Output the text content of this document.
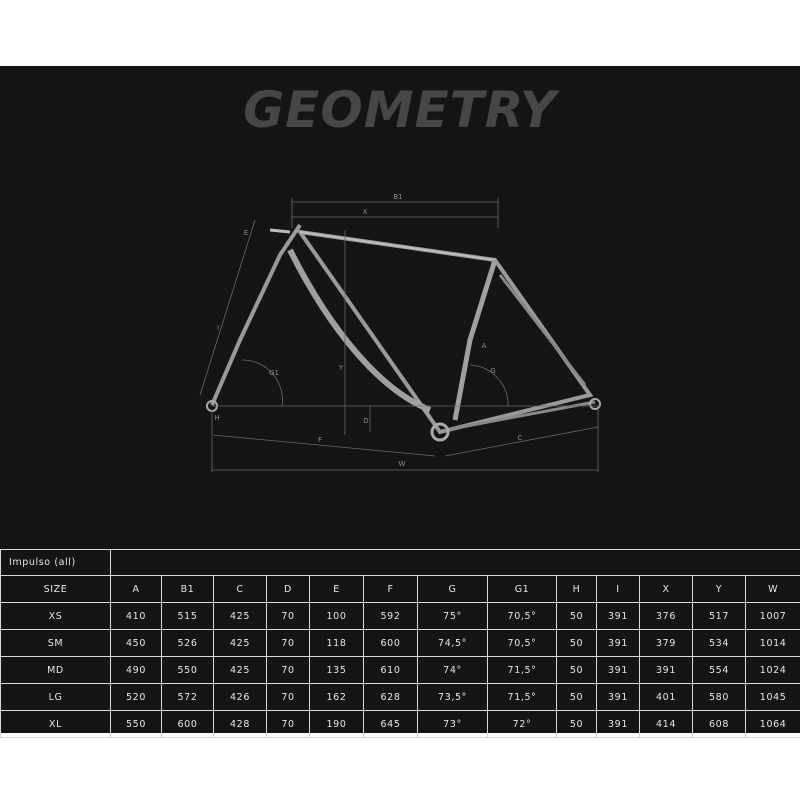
GEOMETRY
B1
X
E
I
A
G
G1
Y
D
H
F	C
W
Impulso (all)													
SIZE	A	B1	C	D	E	F	G	G1	H	I	X	Y	W
XS	410	515	425	70	100	592	75°	70,5°	50	391	376	517	1007
SM	450	526	425	70	118	600	74,5°	70,5°	50	391	379	534	1014
MD	490	550	425	70	135	610	74°	71,5°	50	391	391	554	1024
LG	520	572	426	70	162	628	73,5°	71,5°	50	391	401	580	1045
XL	550	600	428	70	190	645	73°	72°	50	391	414	608	1064
